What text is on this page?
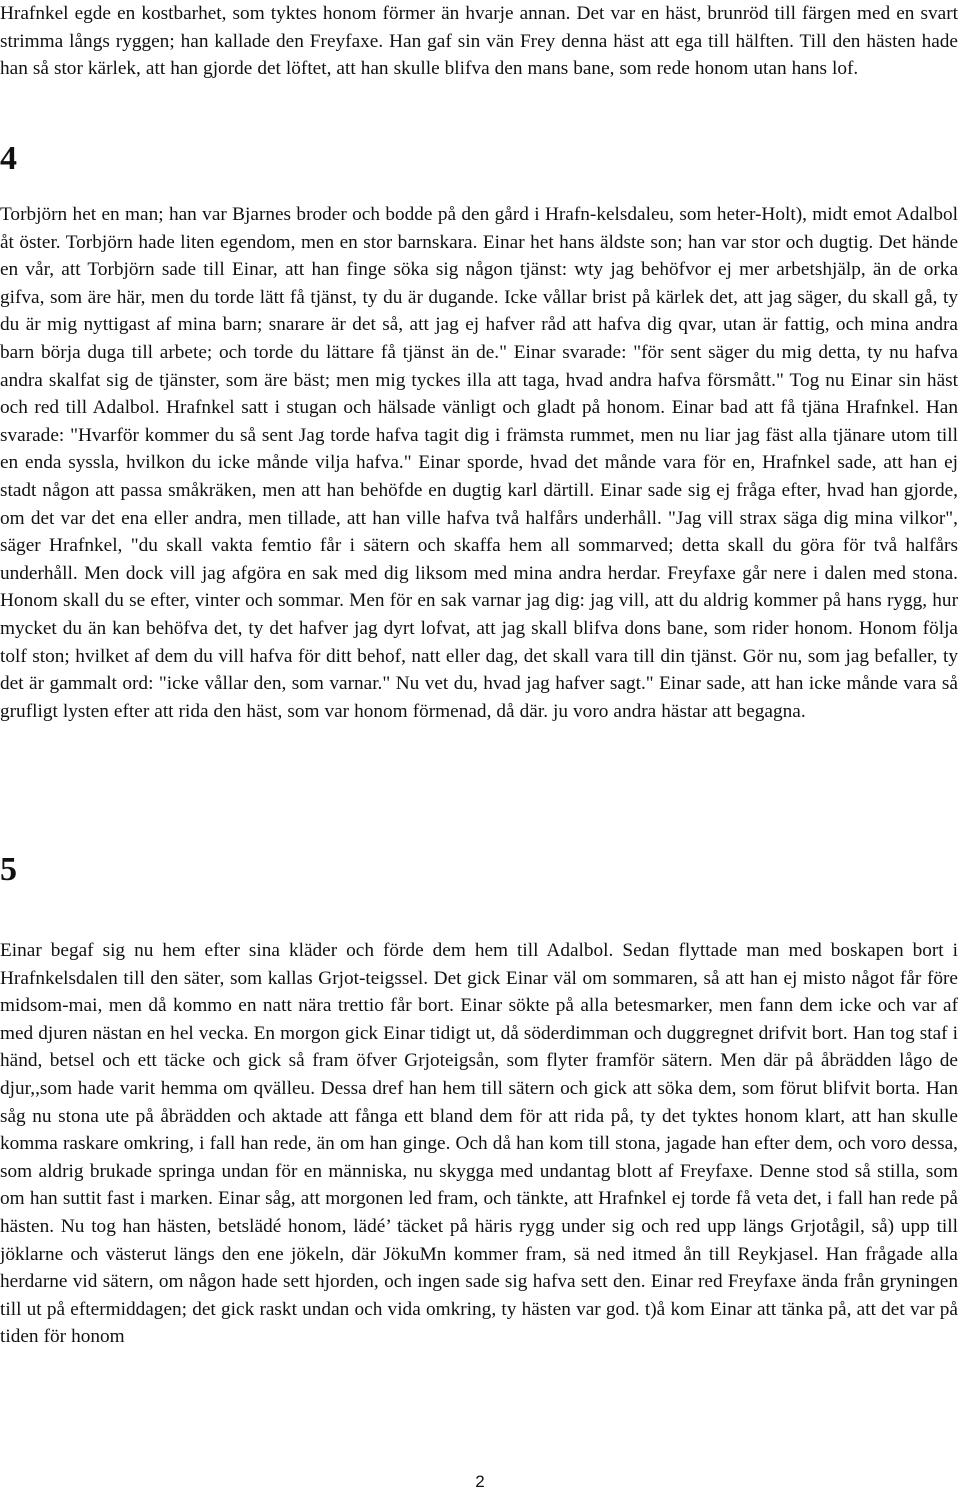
Hrafnkel egde en kostbarhet, som tyktes honom förmer än hvarje annan. Det var en häst, brunröd till färgen med en svart strimma långs ryggen; han kallade den Freyfaxe. Han gaf sin vän Frey denna häst att ega till hälften. Till den hästen hade han så stor kärlek, att han gjorde det löftet, att han skulle blifva den mans bane, som rede honom utan hans lof.

4

Torbjörn het en man; han var Bjarnes broder och bodde på den gård i Hrafn-kelsdaleu, som heter-Holt), midt emot Adalbol åt öster. Torbjörn hade liten egendom, men en stor barnskara. Einar het hans äldste son; han var stor och dugtig. Det hände en vår, att Torbjörn sade till Einar, att han finge söka sig någon tjänst: wty jag behöfvor ej mer arbetshjälp, än de orka gifva, som äre här, men du torde lätt få tjänst, ty du är dugande. Icke vållar brist på kärlek det, att jag säger, du skall gå, ty du är mig nyttigast af mina barn; snarare är det så, att jag ej hafver råd att hafva dig qvar, utan är fattig, och mina andra barn börja duga till arbete; och torde du lättare få tjänst än de." Einar svarade: "för sent säger du mig detta, ty nu hafva andra skalfat sig de tjänster, som äre bäst; men mig tyckes illa att taga, hvad andra hafva försmått." Tog nu Einar sin häst och red till Adalbol. Hrafnkel satt i stugan och hälsade vänligt och gladt på honom. Einar bad att få tjäna Hrafnkel. Han svarade: "Hvarför kommer du så sent Jag torde hafva tagit dig i främsta rummet, men nu liar jag fäst alla tjänare utom till en enda syssla, hvilkon du icke månde vilja hafva." Einar sporde, hvad det månde vara för en, Hrafnkel sade, att han ej stadt någon att passa småkräken, men att han behöfde en dugtig karl därtill. Einar sade sig ej fråga efter, hvad han gjorde, om det var det ena eller andra, men tillade, att han ville hafva två halfårs underhåll. "Jag vill strax säga dig mina vilkor", säger Hrafnkel, "du skall vakta femtio får i sätern och skaffa hem all sommarved; detta skall du göra för två halfårs underhåll. Men dock vill jag afgöra en sak med dig liksom med mina andra herdar. Freyfaxe går nere i dalen med stona. Honom skall du se efter, vinter och sommar. Men för en sak varnar jag dig: jag vill, att du aldrig kommer på hans rygg, hur mycket du än kan behöfva det, ty det hafver jag dyrt lofvat, att jag skall blifva dons bane, som rider honom. Honom följa tolf ston; hvilket af dem du vill hafva för ditt behof, natt eller dag, det skall vara till din tjänst. Gör nu, som jag befaller, ty det är gammalt ord: "icke vållar den, som varnar." Nu vet du, hvad jag hafver sagt." Einar sade, att han icke månde vara så grufligt lysten efter att rida den häst, som var honom förmenad, då där. ju voro andra hästar att begagna.

5

Einar begaf sig nu hem efter sina kläder och förde dem hem till Adalbol. Sedan flyttade man med boskapen bort i Hrafnkelsdalen till den säter, som kallas Grjot-teigssel. Det gick Einar väl om sommaren, så att han ej misto något får före midsom-mai, men då kommo en natt nära trettio får bort. Einar sökte på alla betesmarker, men fann dem icke och var af med djuren nästan en hel vecka. En morgon gick Einar tidigt ut, då söderdimman och duggregnet drifvit bort. Han tog staf i händ, betsel och ett täcke och gick så fram öfver Grjoteigsån, som flyter framför sätern. Men där på åbrädden lågo de djur,,som hade varit hemma om qvälleu. Dessa dref han hem till sätern och gick att söka dem, som förut blifvit borta. Han såg nu stona ute på åbrädden och aktade att fånga ett bland dem för att rida på, ty det tyktes honom klart, att han skulle komma raskare omkring, i fall han rede, än om han ginge. Och då han kom till stona, jagade han efter dem, och voro dessa, som aldrig brukade springa undan för en människa, nu skygga med undantag blott af Freyfaxe. Denne stod så stilla, som om han suttit fast i marken. Einar såg, att morgonen led fram, och tänkte, att Hrafnkel ej torde få veta det, i fall han rede på hästen. Nu tog han hästen, betslädé honom, lädé’ täcket på häris rygg under sig och red upp längs Grjotågil, så) upp till jöklarne och västerut längs den ene jökeln, där JökuMn kommer fram, sä ned itmed ån till Reykjasel. Han frågade alla herdarne vid sätern, om någon hade sett hjorden, och ingen sade sig hafva sett den. Einar red Freyfaxe ända från gryningen till ut på eftermiddagen; det gick raskt undan och vida omkring, ty hästen var god. t)å kom Einar att tänka på, att det var på tiden för honom

2
